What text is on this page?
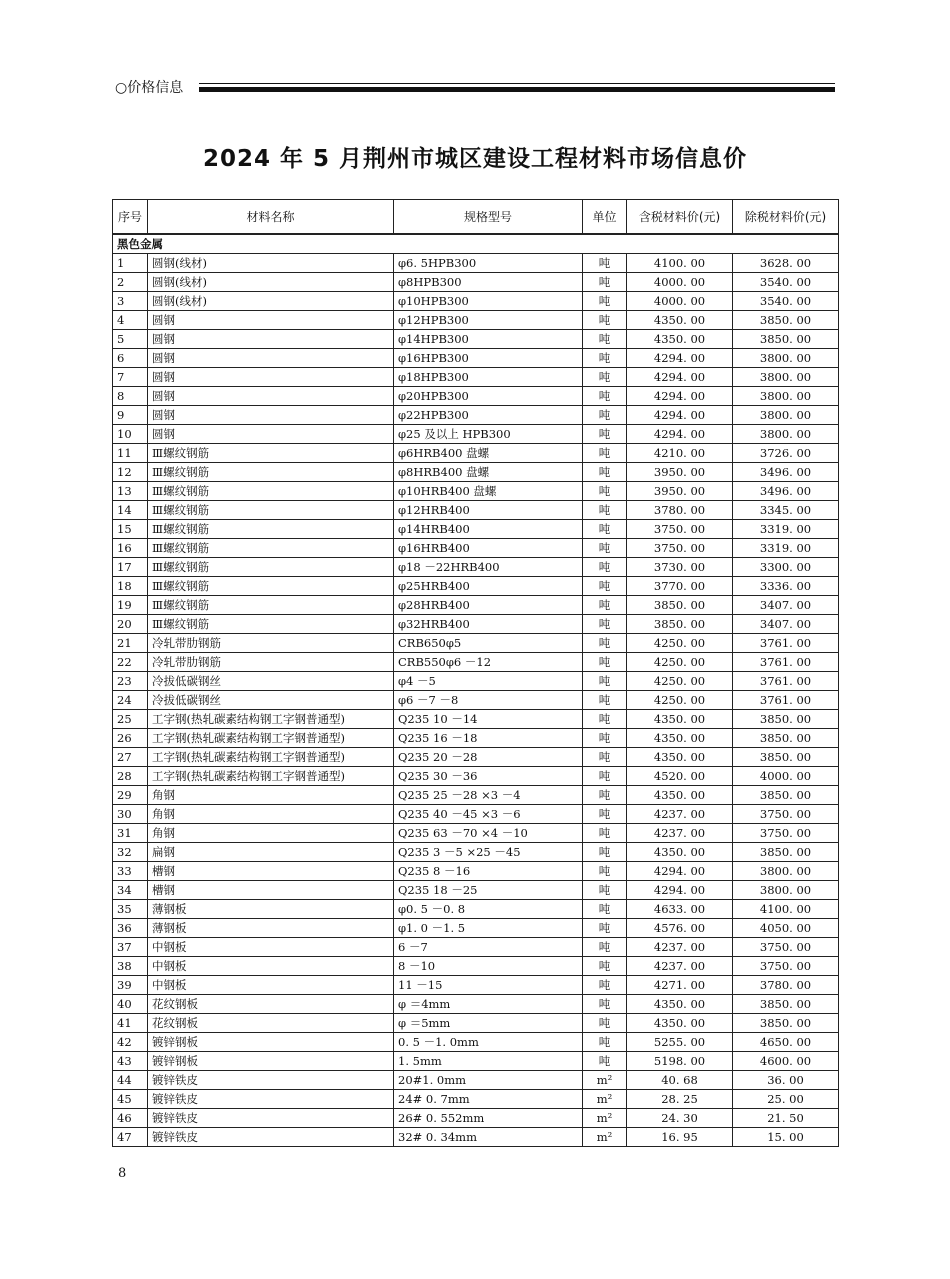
○价格信息
2024 年 5 月荆州市城区建设工程材料市场信息价
序号	材料名称	规格型号	单位	含税材料价(元)	除税材料价(元)
黑色金属					
1	圆钢(线材)	φ6. 5HPB300	吨	4100. 00	3628. 00
2	圆钢(线材)	φ8HPB300	吨	4000. 00	3540. 00
3	圆钢(线材)	φ10HPB300	吨	4000. 00	3540. 00
4	圆钢	φ12HPB300	吨	4350. 00	3850. 00
5	圆钢	φ14HPB300	吨	4350. 00	3850. 00
6	圆钢	φ16HPB300	吨	4294. 00	3800. 00
7	圆钢	φ18HPB300	吨	4294. 00	3800. 00
8	圆钢	φ20HPB300	吨	4294. 00	3800. 00
9	圆钢	φ22HPB300	吨	4294. 00	3800. 00
10	圆钢	φ25 及以上 HPB300	吨	4294. 00	3800. 00
11	Ⅲ螺纹钢筋	φ6HRB400 盘螺	吨	4210. 00	3726. 00
12	Ⅲ螺纹钢筋	φ8HRB400 盘螺	吨	3950. 00	3496. 00
13	Ⅲ螺纹钢筋	φ10HRB400 盘螺	吨	3950. 00	3496. 00
14	Ⅲ螺纹钢筋	φ12HRB400	吨	3780. 00	3345. 00
15	Ⅲ螺纹钢筋	φ14HRB400	吨	3750. 00	3319. 00
16	Ⅲ螺纹钢筋	φ16HRB400	吨	3750. 00	3319. 00
17	Ⅲ螺纹钢筋	φ18 －22HRB400	吨	3730. 00	3300. 00
18	Ⅲ螺纹钢筋	φ25HRB400	吨	3770. 00	3336. 00
19	Ⅲ螺纹钢筋	φ28HRB400	吨	3850. 00	3407. 00
20	Ⅲ螺纹钢筋	φ32HRB400	吨	3850. 00	3407. 00
21	冷轧带肋钢筋	CRB650φ5	吨	4250. 00	3761. 00
22	冷轧带肋钢筋	CRB550φ6 －12	吨	4250. 00	3761. 00
23	冷拔低碳钢丝	φ4 －5	吨	4250. 00	3761. 00
24	冷拔低碳钢丝	φ6 －7 －8	吨	4250. 00	3761. 00
25	工字钢(热轧碳素结构钢工字钢普通型)	Q235 10 －14	吨	4350. 00	3850. 00
26	工字钢(热轧碳素结构钢工字钢普通型)	Q235 16 －18	吨	4350. 00	3850. 00
27	工字钢(热轧碳素结构钢工字钢普通型)	Q235 20 －28	吨	4350. 00	3850. 00
28	工字钢(热轧碳素结构钢工字钢普通型)	Q235 30 －36	吨	4520. 00	4000. 00
29	角钢	Q235 25 －28 ×3 －4	吨	4350. 00	3850. 00
30	角钢	Q235 40 －45 ×3 －6	吨	4237. 00	3750. 00
31	角钢	Q235 63 －70 ×4 －10	吨	4237. 00	3750. 00
32	扁钢	Q235 3 －5 ×25 －45	吨	4350. 00	3850. 00
33	槽钢	Q235 8 －16	吨	4294. 00	3800. 00
34	槽钢	Q235 18 －25	吨	4294. 00	3800. 00
35	薄钢板	φ0. 5 －0. 8	吨	4633. 00	4100. 00
36	薄钢板	φ1. 0 －1. 5	吨	4576. 00	4050. 00
37	中钢板	6 －7	吨	4237. 00	3750. 00
38	中钢板	8 －10	吨	4237. 00	3750. 00
39	中钢板	11 －15	吨	4271. 00	3780. 00
40	花纹钢板	φ ＝4mm	吨	4350. 00	3850. 00
41	花纹钢板	φ ＝5mm	吨	4350. 00	3850. 00
42	镀锌钢板	0. 5 －1. 0mm	吨	5255. 00	4650. 00
43	镀锌钢板	1. 5mm	吨	5198. 00	4600. 00
44	镀锌铁皮	20#1. 0mm	m²	40. 68	36. 00
45	镀锌铁皮	24# 0. 7mm	m²	28. 25	25. 00
46	镀锌铁皮	26# 0. 552mm	m²	24. 30	21. 50
47	镀锌铁皮	32# 0. 34mm	m²	16. 95	15. 00
8
